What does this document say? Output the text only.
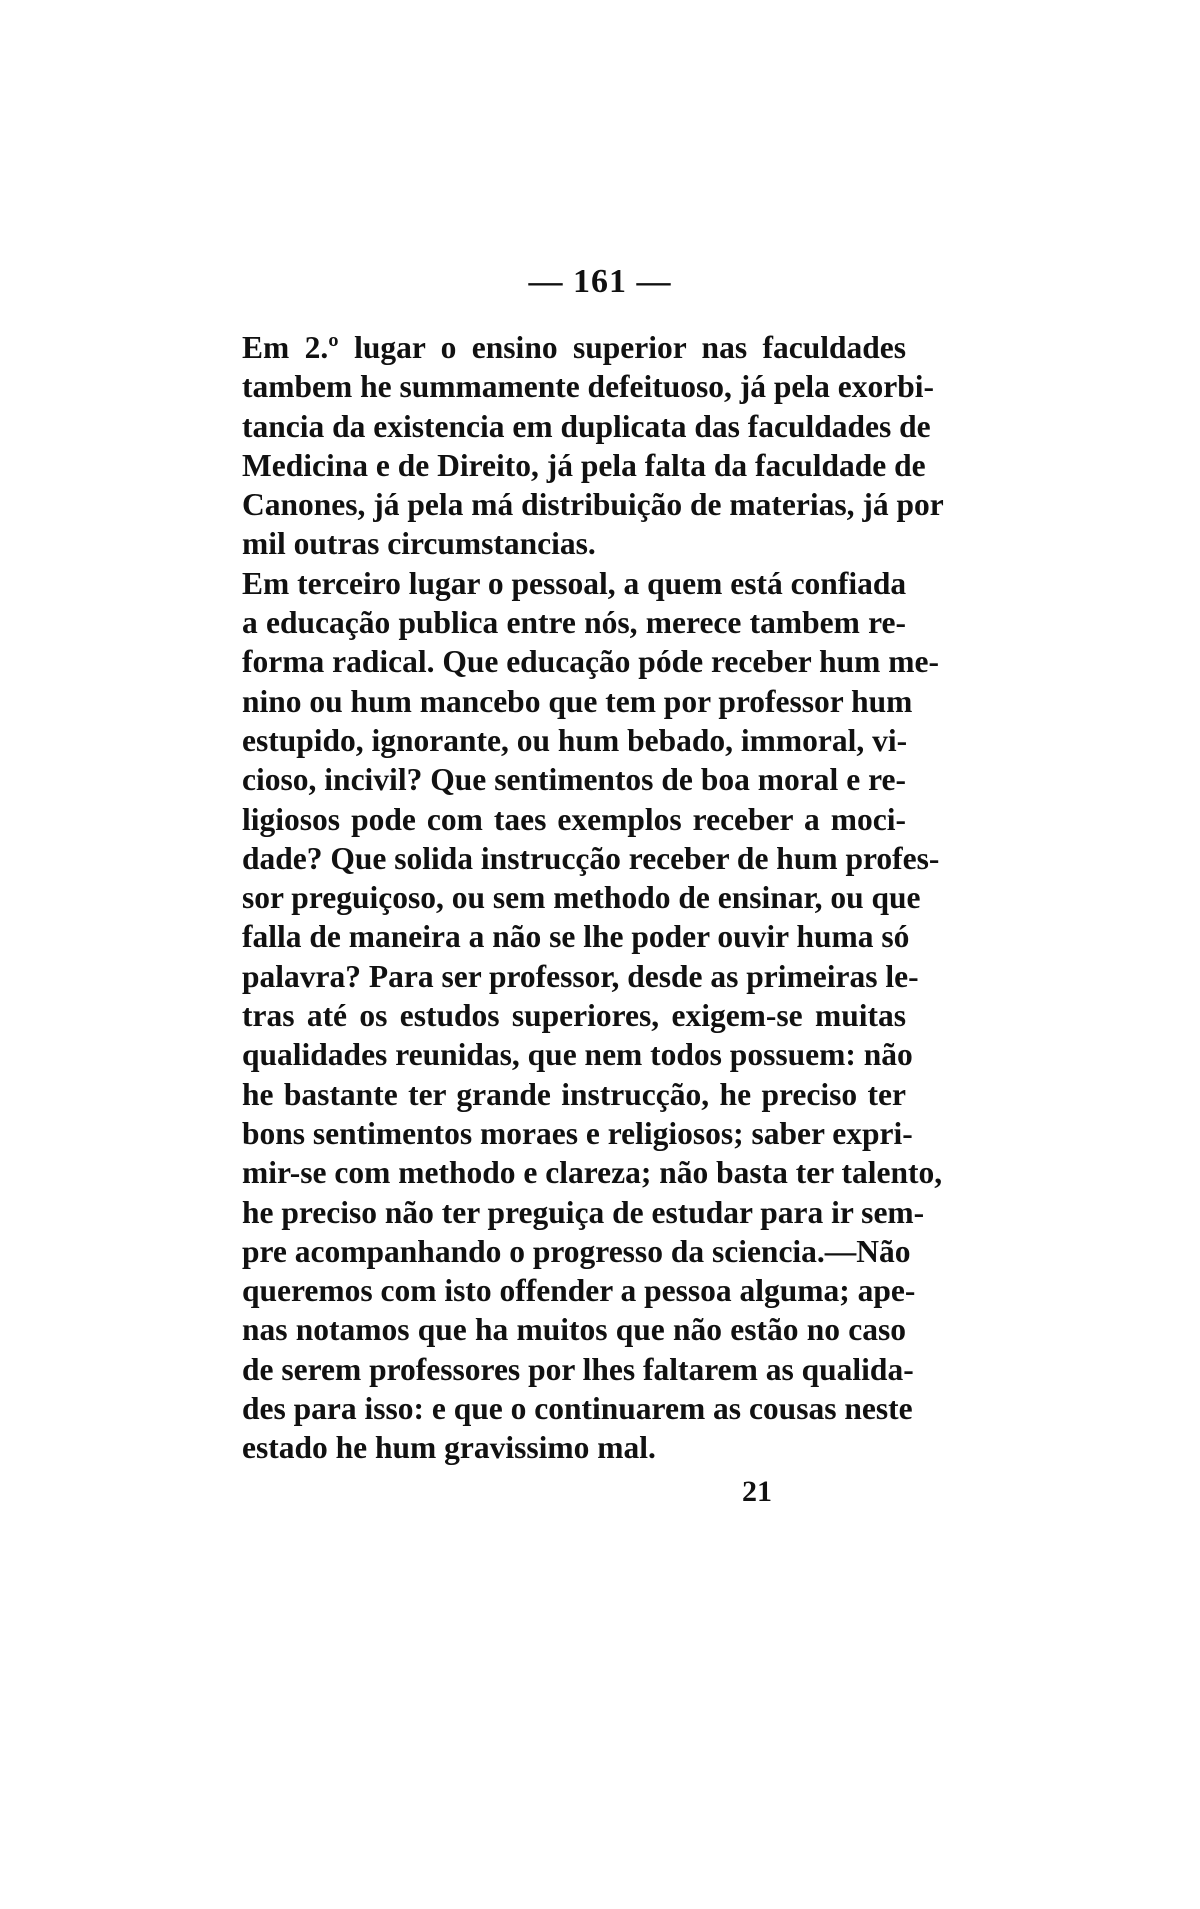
— 161 —
Em 2.º lugar o ensino superior nas faculdades
tambem he summamente defeituoso, já pela exorbi-
tancia da existencia em duplicata das faculdades de
Medicina e de Direito, já pela falta da faculdade de
Canones, já pela má distribuição de materias, já por
mil outras circumstancias.
Em terceiro lugar o pessoal, a quem está confiada
a educação publica entre nós, merece tambem re-
forma radical. Que educação póde receber hum me-
nino ou hum mancebo que tem por professor hum
estupido, ignorante, ou hum bebado, immoral, vi-
cioso, incivil? Que sentimentos de boa moral e re-
ligiosos pode com taes exemplos receber a moci-
dade? Que solida instrucção receber de hum profes-
sor preguiçoso, ou sem methodo de ensinar, ou que
falla de maneira a não se lhe poder ouvir huma só
palavra? Para ser professor, desde as primeiras le-
tras até os estudos superiores, exigem-se muitas
qualidades reunidas, que nem todos possuem: não
he bastante ter grande instrucção, he preciso ter
bons sentimentos moraes e religiosos; saber expri-
mir-se com methodo e clareza; não basta ter talento,
he preciso não ter preguiça de estudar para ir sem-
pre acompanhando o progresso da sciencia.—Não
queremos com isto offender a pessoa alguma; ape-
nas notamos que ha muitos que não estão no caso
de serem professores por lhes faltarem as qualida-
des para isso: e que o continuarem as cousas neste
estado he hum gravissimo mal.
21
